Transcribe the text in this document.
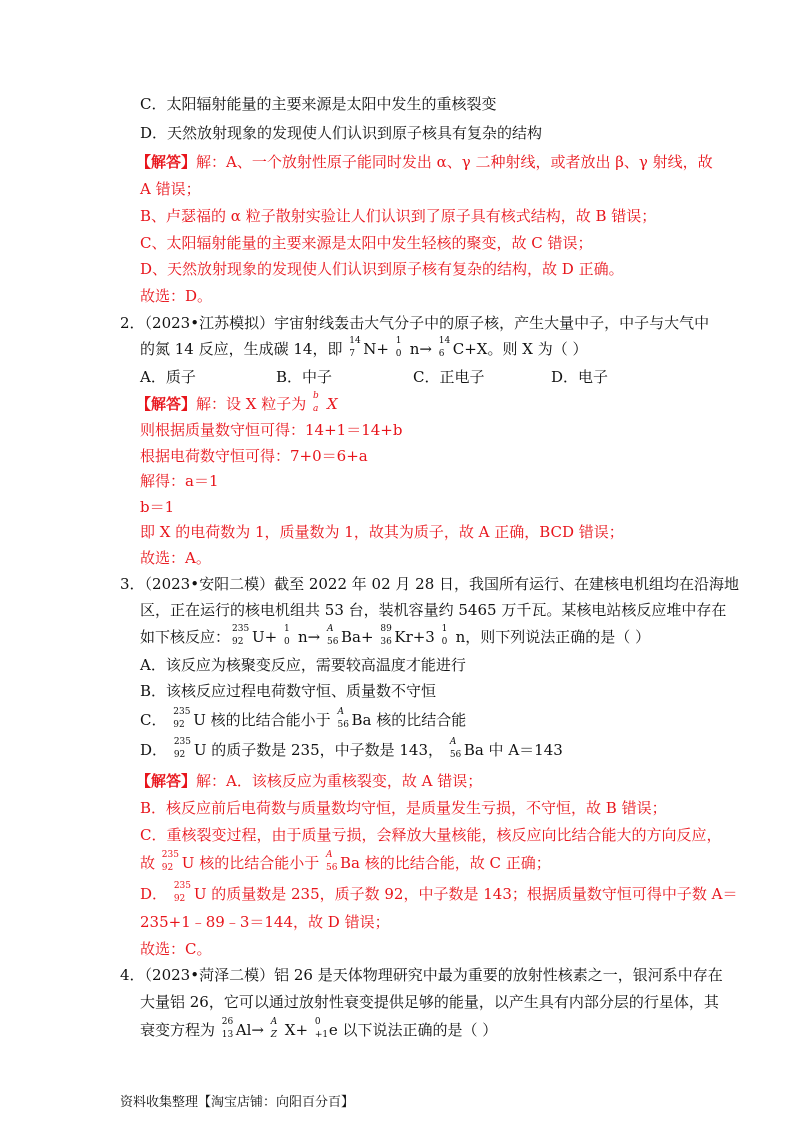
C．太阳辐射能量的主要来源是太阳中发生的重核裂变
D．天然放射现象的发现使人们认识到原子核具有复杂的结构
【解答】解：A、一个放射性原子能同时发出 α、γ 二种射线，或者放出 β、γ 射线，故
A 错误；
B、卢瑟福的 α 粒子散射实验让人们认识到了原子具有核式结构，故 B 错误；
C、太阳辐射能量的主要来源是太阳中发生轻核的聚变，故 C 错误；
D、天然放射现象的发现使人们认识到原子核有复杂的结构，故 D 正确。
故选：D。
2．（2023•江苏模拟）宇宙射线轰击大气分子中的原子核，产生大量中子，中子与大气中
的氮 14 反应，生成碳 14，即 14
7 N+ 1
0 n→ 14
6 C+X。则 X 为（ ）
A．质子	B．中子	C．正电子	D．电子
【解答】解：设 X 粒子为 b
a X
则根据质量数守恒可得：14+1＝14+b
根据电荷数守恒可得：7+0＝6+a
解得：a＝1
b＝1
即 X 的电荷数为 1，质量数为 1，故其为质子，故 A 正确，BCD 错误；
故选：A。
3．（2023•安阳二模）截至 2022 年 02 月 28 日，我国所有运行、在建核电机组均在沿海地
区，正在运行的核电机组共 53 台，装机容量约 5465 万千瓦。某核电站核反应堆中存在
如下核反应： 235
92 U+ 1
0 n→ A
56 Ba+ 89
36 Kr+3 1
0 n，则下列说法正确的是（ ）
A．该反应为核聚变反应，需要较高温度才能进行
B．该核反应过程电荷数守恒、质量数不守恒
C． 235
92 U 核的比结合能小于 A
56 Ba 核的比结合能
D． 235
92 U 的质子数是 235，中子数是 143， A
56 Ba 中 A＝143
【解答】解：A．该核反应为重核裂变，故 A 错误；
B．核反应前后电荷数与质量数均守恒，是质量发生亏损，不守恒，故 B 错误；
C．重核裂变过程，由于质量亏损，会释放大量核能，核反应向比结合能大的方向反应，
故 235
92 U 核的比结合能小于 A
56 Ba 核的比结合能，故 C 正确；
D． 235
92 U 的质量数是 235，质子数 92，中子数是 143；根据质量数守恒可得中子数 A＝
235+1﹣89﹣3＝144，故 D 错误；
故选：C。
4．（2023•菏泽二模）铝 26 是天体物理研究中最为重要的放射性核素之一，银河系中存在
大量铝 26，它可以通过放射性衰变提供足够的能量，以产生具有内部分层的行星体，其
衰变方程为 26
13 Al→ A
Z X+ 0
+1 e 以下说法正确的是（ ）
资料收集整理【淘宝店铺：向阳百分百】
